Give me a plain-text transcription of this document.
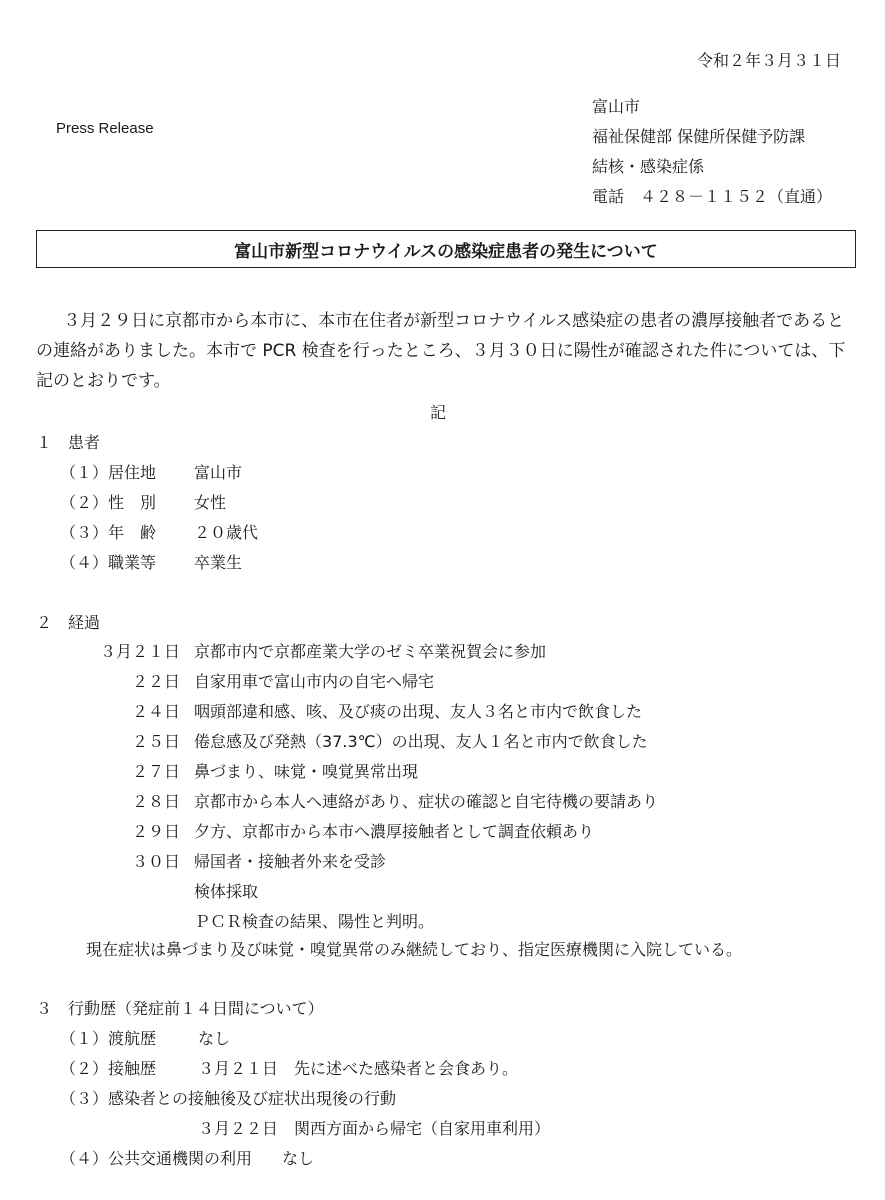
令和２年３月３１日
Press Release
富山市
福祉保健部 保健所保健予防課
結核・感染症係
電話　４２８－１１５２（直通）
富山市新型コロナウイルスの感染症患者の発生について
３月２９日に京都市から本市に、本市在住者が新型コロナウイルス感染症の患者の濃厚接触者であるとの連絡がありました。本市で PCR 検査を行ったところ、３月３０日に陽性が確認された件については、下記のとおりです。
記
１　患者
（１）居住地 富山市
（２）性　別 女性
（３）年　齢 ２０歳代
（４）職業等 卒業生
２　経過
３月２１日 京都市内で京都産業大学のゼミ卒業祝賀会に参加
２２日 自家用車で富山市内の自宅へ帰宅
２４日 咽頭部違和感、咳、及び痰の出現、友人３名と市内で飲食した
２５日 倦怠感及び発熱（37.3℃）の出現、友人１名と市内で飲食した
２７日 鼻づまり、味覚・嗅覚異常出現
２８日 京都市から本人へ連絡があり、症状の確認と自宅待機の要請あり
２９日 夕方、京都市から本市へ濃厚接触者として調査依頼あり
３０日 帰国者・接触者外来を受診
検体採取
ＰＣＲ検査の結果、陽性と判明。
現在症状は鼻づまり及び味覚・嗅覚異常のみ継続しており、指定医療機関に入院している。
３　行動歴（発症前１４日間について）
（１）渡航歴	なし
（２）接触歴	３月２１日　先に述べた感染者と会食あり。
（３）感染者との接触後及び症状出現後の行動
３月２２日　関西方面から帰宅（自家用車利用）
（４）公共交通機関の利用 なし
